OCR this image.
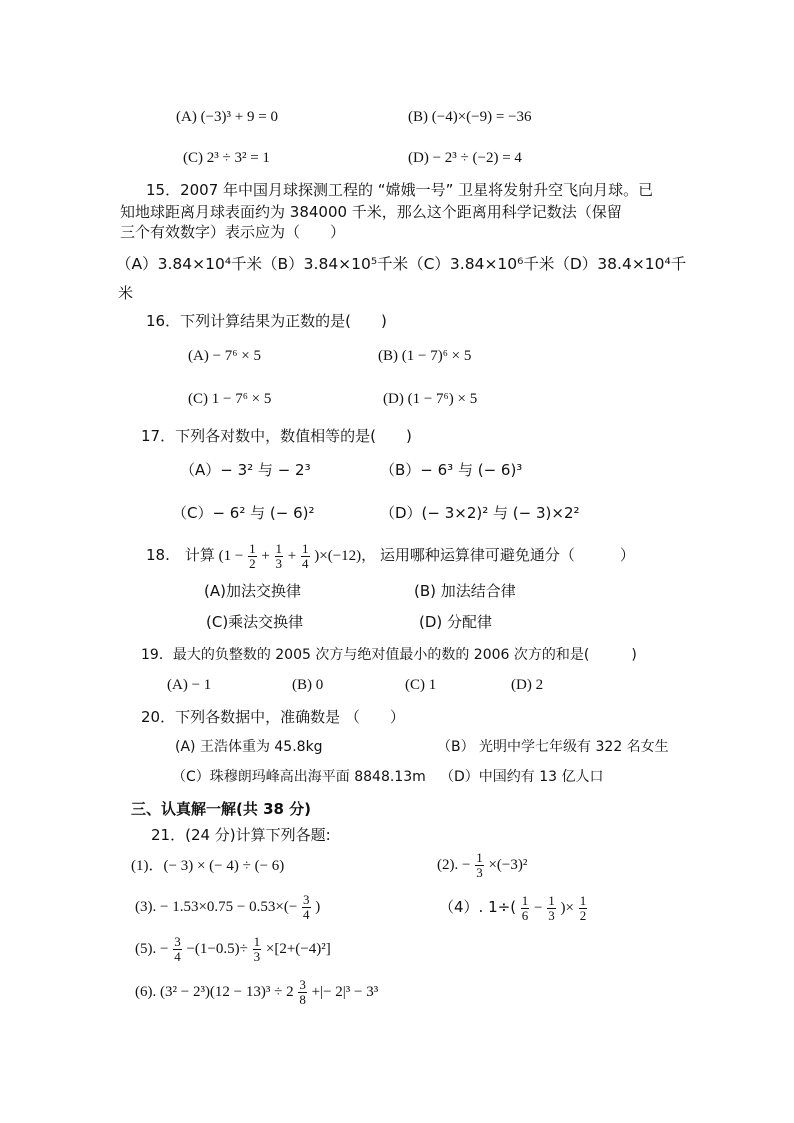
(A) (−3)³ + 9 = 0	(B) (−4)×(−9) = −36
(C) 2³ ÷ 3² = 1	(D) − 2³ ÷ (−2) = 4
15．2007 年中国月球探测工程的 “嫦娥一号” 卫星将发射升空飞向月球。已
知地球距离月球表面约为 384000 千米，那么这个距离用科学记数法（保留
三个有效数字）表示应为（　　）
（A）3.84×10⁴千米（B）3.84×10⁵千米（C）3.84×10⁶千米（D）38.4×10⁴千
米
16．下列计算结果为正数的是(　　)
(A) − 7⁶ × 5	(B) (1 − 7)⁶ × 5
(C) 1 − 7⁶ × 5	(D) (1 − 7⁶) × 5
17．下列各对数中，数值相等的是(　　)
（A）− 3² 与 − 2³	（B）− 6³ 与 (− 6)³
（C）− 6² 与 (− 6)²	（D）(− 3×2)² 与 (− 3)×2²
18.　计算 $(1 - \frac{1}{2} + \frac{1}{3} + \frac{1}{4} )\times(-12)$， 运用哪种运算律可避免通分（　　　）
(A)加法交换律	(B) 加法结合律
(C)乘法交换律	(D) 分配律
19．最大的负整数的 2005 次方与绝对值最小的数的 2006 次方的和是(　　　)
(A) − 1	(B) 0	(C) 1	(D) 2
20．下列各数据中，准确数是 （　　）
(A) 王浩体重为 45.8kg	（B） 光明中学七年级有 322 名女生
（C）珠穆朗玛峰高出海平面 8848.13m （D）中国约有 13 亿人口
三、认真解一解(共 38 分)
21．(24 分)计算下列各题:
(1)．(− 3) × (− 4) ÷ (− 6)	(2). − $\frac{1}{3} \times(-3)^2$
(3). − $1.53\times 0.75 - 0.53\times(- \frac{3}{4}$ )	（4）. $1\div( \frac{1}{6} - \frac{1}{3}$ )× $\frac{1}{2}$
(5). − $\frac{3}{4} -(1-0.5)\div \frac{1}{3} \times[2+(-4)^2]$
(6). $(3^2 - 2^3)(12 - 13)^3 \div 2 \frac{3}{8}$ +|− 2|³ − 3³
